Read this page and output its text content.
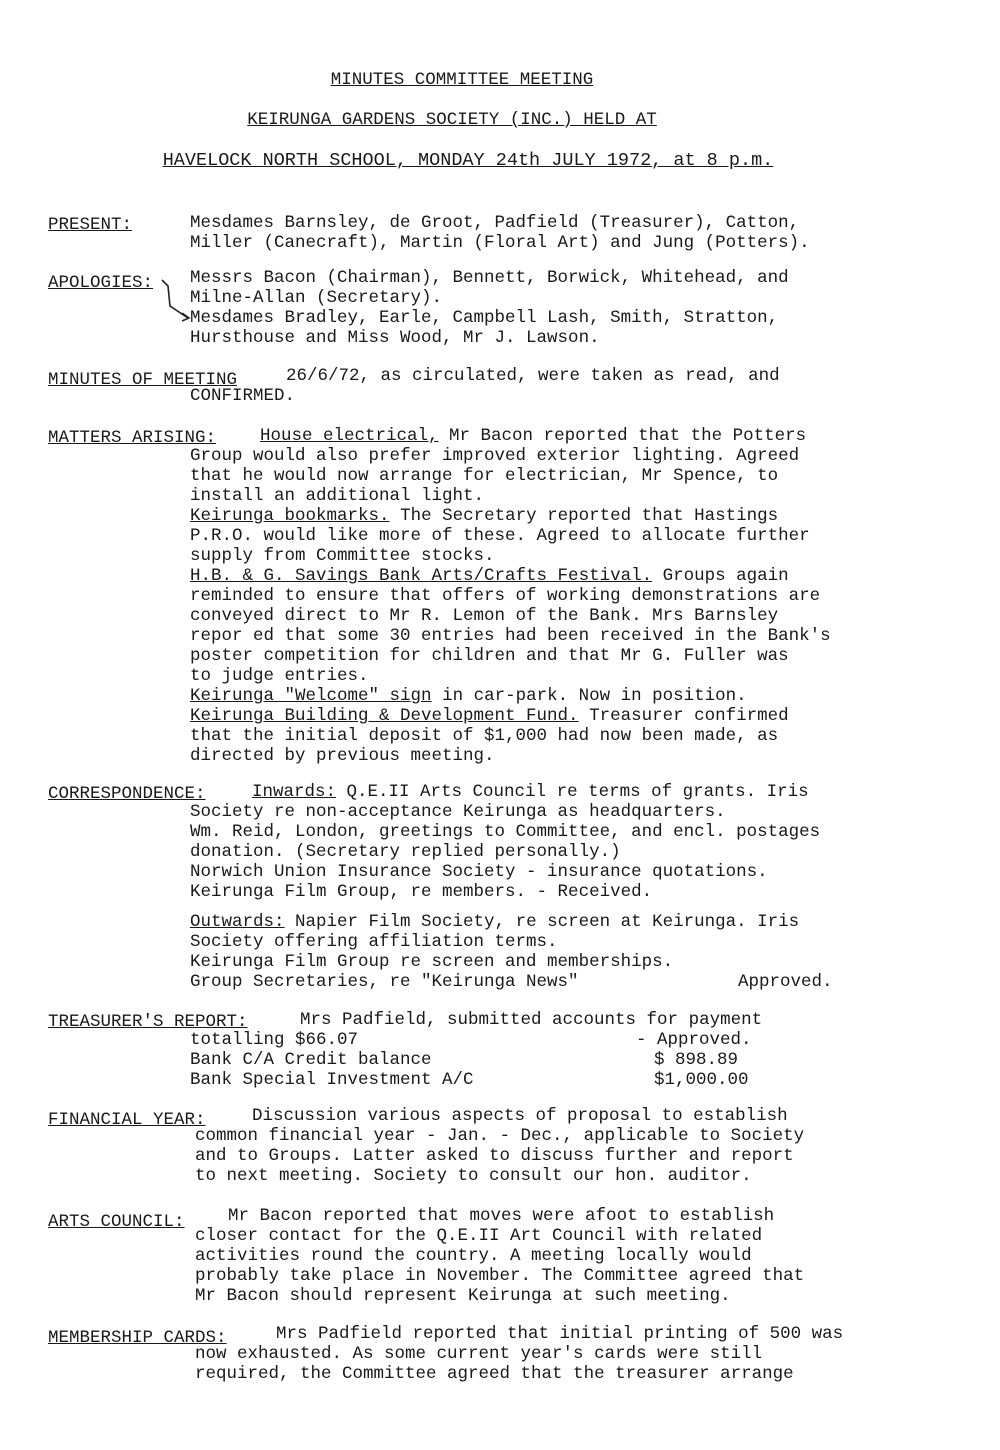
MINUTES COMMITTEE MEETING
KEIRUNGA GARDENS SOCIETY (INC.) HELD AT
HAVELOCK NORTH SCHOOL, MONDAY 24th JULY 1972, at 8 p.m.
PRESENT:	Mesdames Barnsley, de Groot, Padfield (Treasurer), Catton,
Miller (Canecraft), Martin (Floral Art) and Jung (Potters).
APOLOGIES: Messrs Bacon (Chairman), Bennett, Borwick, Whitehead, and
Milne-Allan (Secretary).
Mesdames Bradley, Earle, Campbell Lash, Smith, Stratton,
Hursthouse and Miss Wood, Mr J. Lawson.
MINUTES OF MEETING	26/6/72, as circulated, were taken as read, and
CONFIRMED.
MATTERS ARISING:	House electrical, Mr Bacon reported that the Potters
Group would also prefer improved exterior lighting. Agreed
that he would now arrange for electrician, Mr Spence, to
install an additional light.
Keirunga bookmarks. The Secretary reported that Hastings
P.R.O. would like more of these. Agreed to allocate further
supply from Committee stocks.
H.B. & G. Savings Bank Arts/Crafts Festival. Groups again
reminded to ensure that offers of working demonstrations are
conveyed direct to Mr R. Lemon of the Bank. Mrs Barnsley
repor ed that some 30 entries had been received in the Bank's
poster competition for children and that Mr G. Fuller was
to judge entries.
Keirunga "Welcome" sign in car-park. Now in position.
Keirunga Building & Development Fund. Treasurer confirmed
that the initial deposit of $1,000 had now been made, as
directed by previous meeting.
CORRESPONDENCE:	Inwards: Q.E.II Arts Council re terms of grants. Iris
Society re non-acceptance Keirunga as headquarters.
Wm. Reid, London, greetings to Committee, and encl. postages
donation. (Secretary replied personally.)
Norwich Union Insurance Society - insurance quotations.
Keirunga Film Group, re members. - Received.
Outwards: Napier Film Society, re screen at Keirunga. Iris
Society offering affiliation terms.
Keirunga Film Group re screen and memberships.
Group Secretaries, re "Keirunga News"	Approved.
TREASURER'S REPORT:	Mrs Padfield, submitted accounts for payment
totalling $66.07	- Approved.
Bank C/A Credit balance	$ 898.89
Bank Special Investment A/C	$1,000.00
FINANCIAL YEAR:	Discussion various aspects of proposal to establish
common financial year - Jan. - Dec., applicable to Society
and to Groups. Latter asked to discuss further and report
to next meeting. Society to consult our hon. auditor.
ARTS COUNCIL: Mr Bacon reported that moves were afoot to establish
closer contact for the Q.E.II Art Council with related
activities round the country. A meeting locally would
probably take place in November. The Committee agreed that
Mr Bacon should represent Keirunga at such meeting.
MEMBERSHIP CARDS:	Mrs Padfield reported that initial printing of 500 was
now exhausted. As some current year's cards were still
required, the Committee agreed that the treasurer arrange
